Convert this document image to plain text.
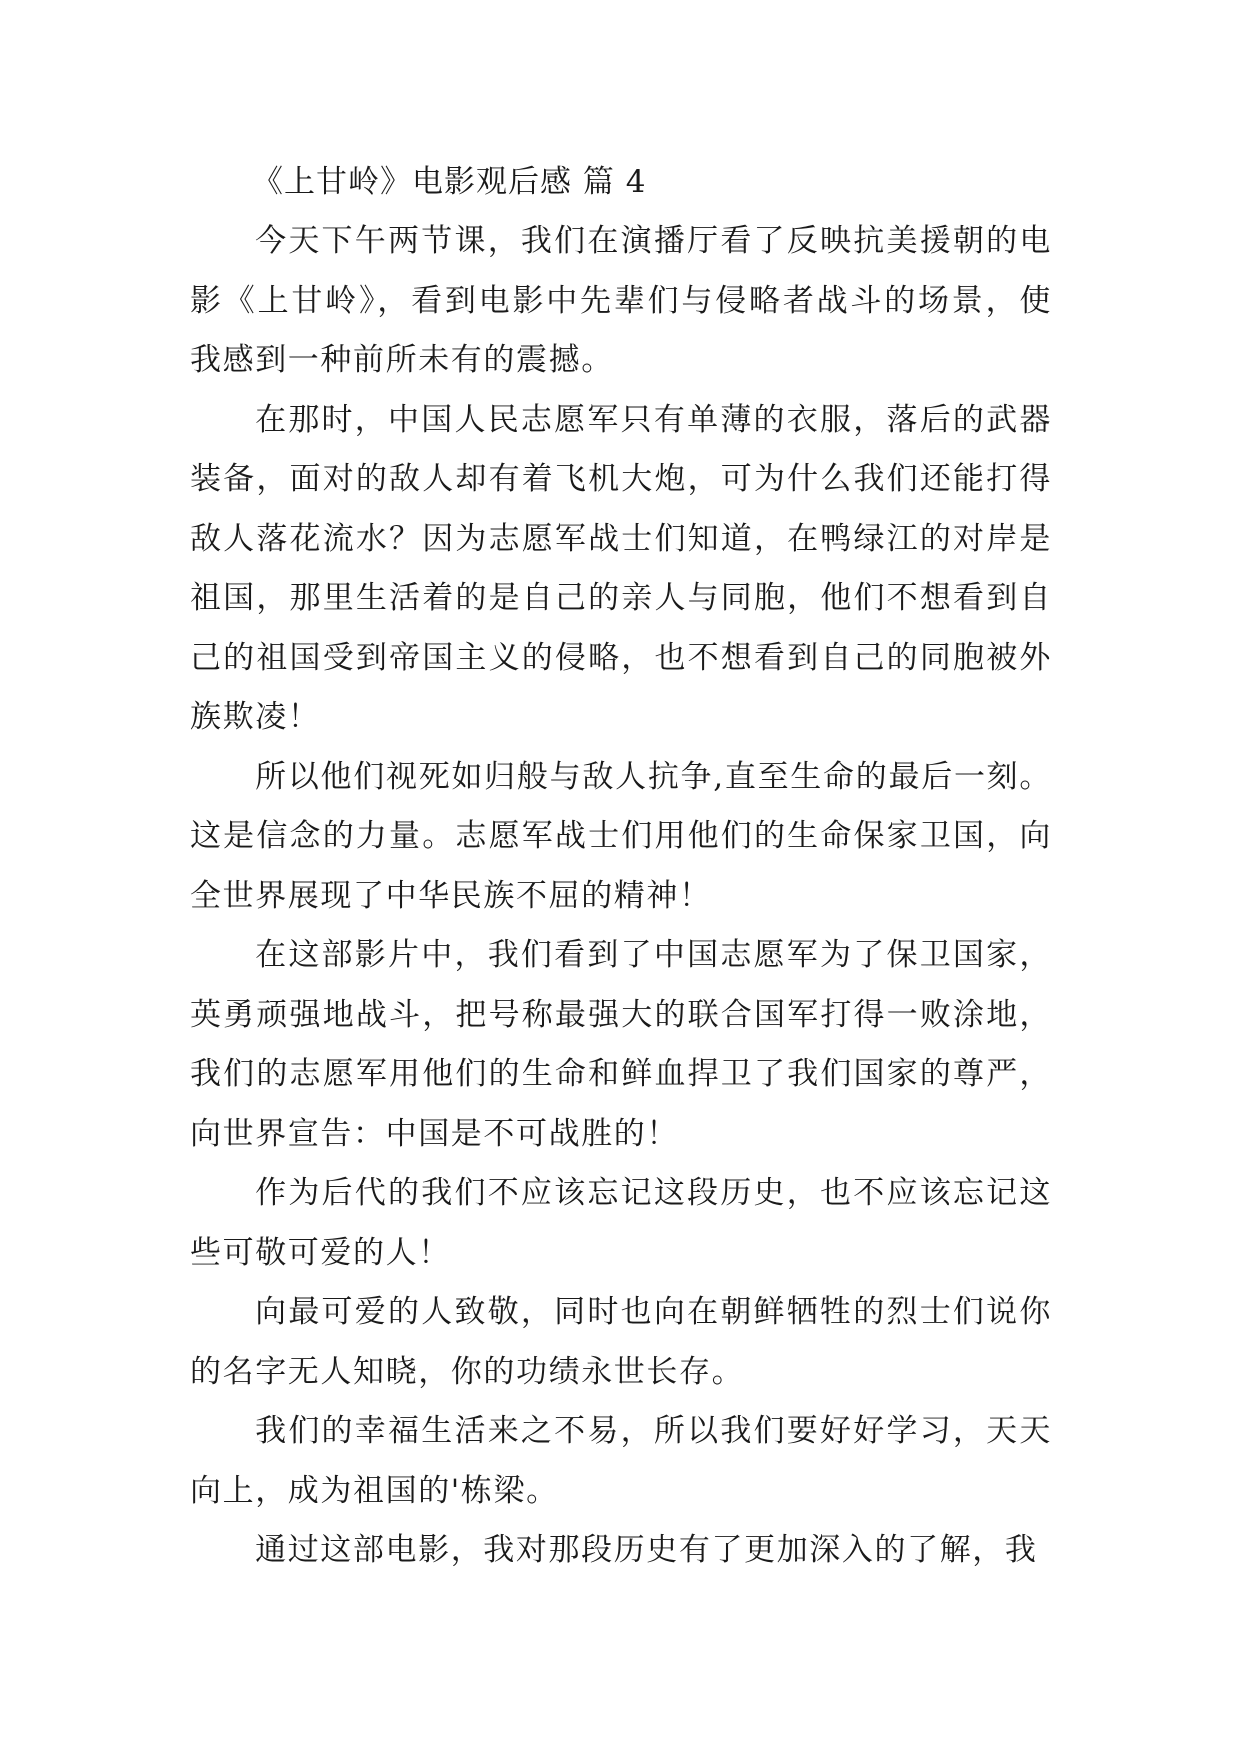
《上甘岭》电影观后感 篇 4

今天下午两节课，我们在演播厅看了反映抗美援朝的电影《上甘岭》，看到电影中先辈们与侵略者战斗的场景，使我感到一种前所未有的震撼。

在那时，中国人民志愿军只有单薄的衣服，落后的武器装备，面对的敌人却有着飞机大炮，可为什么我们还能打得敌人落花流水？因为志愿军战士们知道，在鸭绿江的对岸是祖国，那里生活着的是自己的亲人与同胞，他们不想看到自己的祖国受到帝国主义的侵略，也不想看到自己的同胞被外族欺凌！

所以他们视死如归般与敌人抗争,直至生命的最后一刻。这是信念的力量。志愿军战士们用他们的生命保家卫国，向全世界展现了中华民族不屈的精神！

在这部影片中，我们看到了中国志愿军为了保卫国家，英勇顽强地战斗，把号称最强大的联合国军打得一败涂地，我们的志愿军用他们的生命和鲜血捍卫了我们国家的尊严，向世界宣告：中国是不可战胜的！

作为后代的我们不应该忘记这段历史，也不应该忘记这些可敬可爱的人！

向最可爱的人致敬，同时也向在朝鲜牺牲的烈士们说你的名字无人知晓，你的功绩永世长存。

我们的幸福生活来之不易，所以我们要好好学习，天天向上，成为祖国的'栋梁。

通过这部电影，我对那段历史有了更加深入的了解，我
